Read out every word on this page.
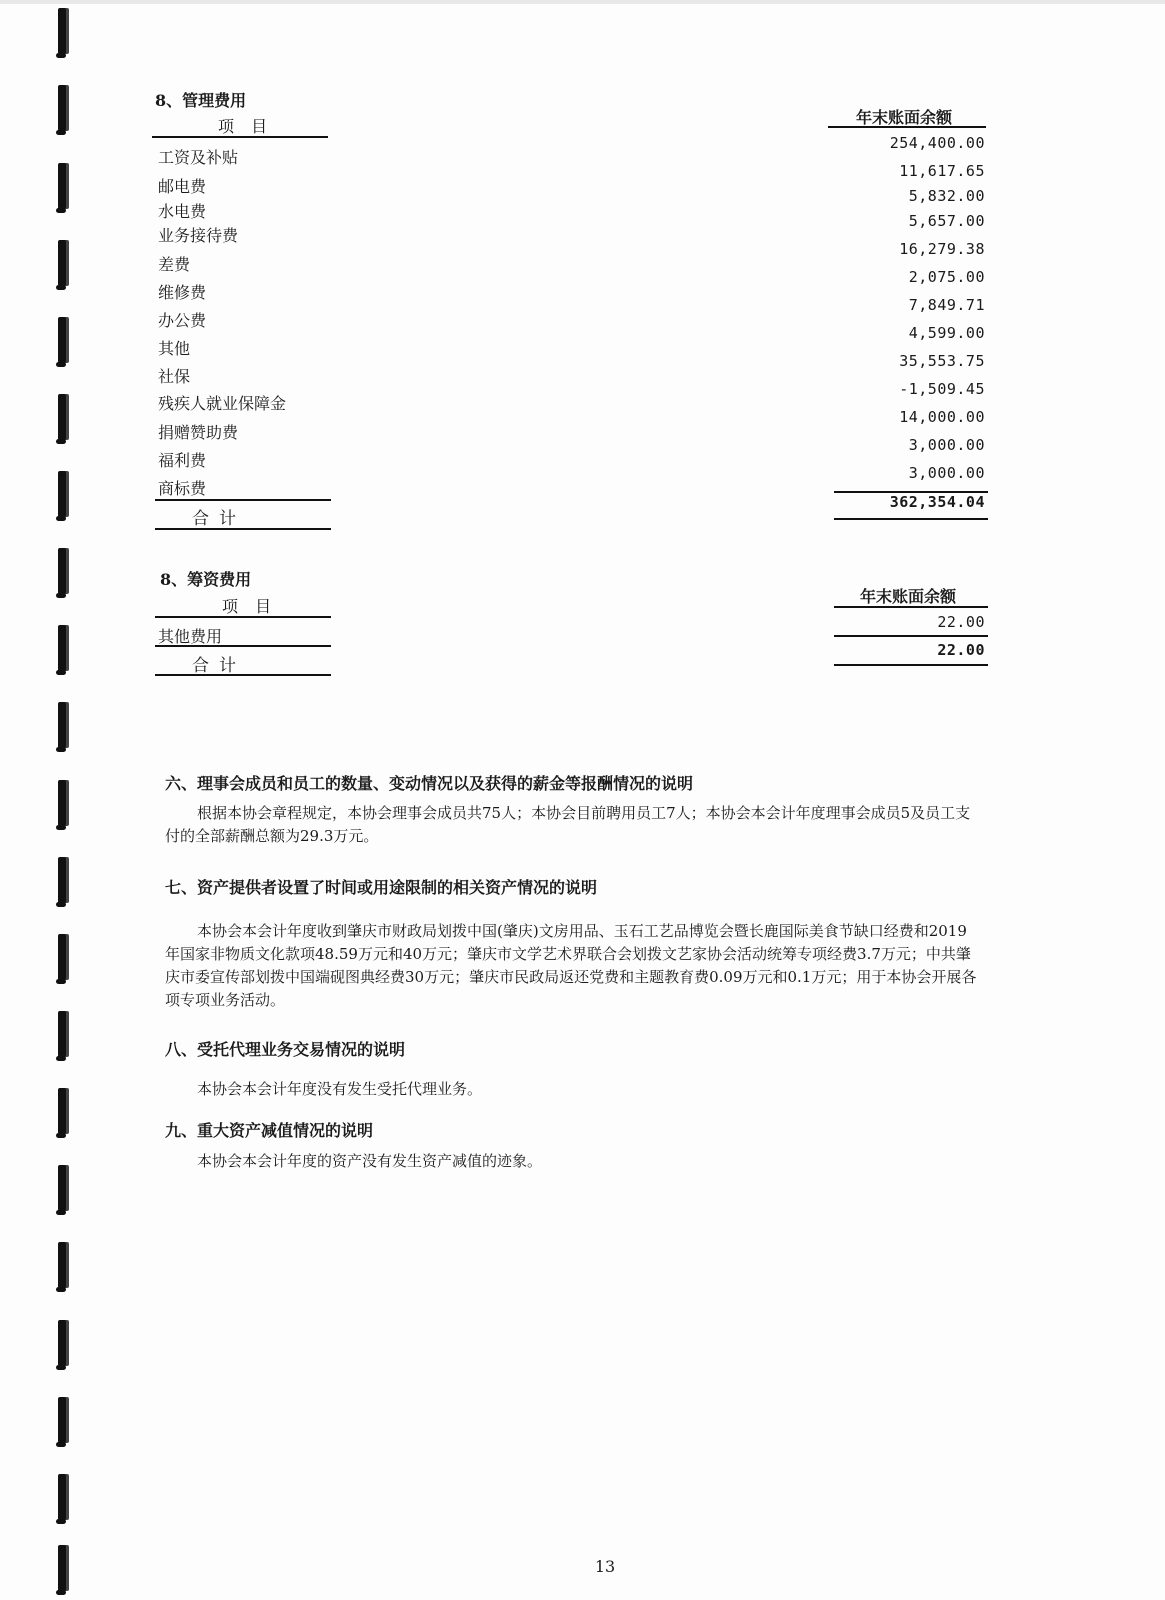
8、管理费用
项 目	年末账面余额
工资及补贴
254,400.00
邮电费
11,617.65
水电费
5,832.00
业务接待费
5,657.00
差费
16,279.38
维修费
2,075.00
办公费
7,849.71
其他
4,599.00
社保
35,553.75
残疾人就业保障金
-1,509.45
捐赠赞助费
14,000.00
福利费
3,000.00
商标费
3,000.00
合计
362,354.04
8、筹资费用
项 目
年末账面余额
其他费用
22.00
合计
22.00
六、理事会成员和员工的数量、变动情况以及获得的薪金等报酬情况的说明

根据本协会章程规定，本协会理事会成员共75人；本协会目前聘用员工7人；本协会本会计年度理事会成员5及员工支付的全部薪酬总额为29.3万元。

七、资产提供者设置了时间或用途限制的相关资产情况的说明

本协会本会计年度收到肇庆市财政局划拨中国(肇庆)文房用品、玉石工艺品博览会暨长鹿国际美食节缺口经费和2019年国家非物质文化款项48.59万元和40万元；肇庆市文学艺术界联合会划拨文艺家协会活动统筹专项经费3.7万元；中共肇庆市委宣传部划拨中国端砚图典经费30万元；肇庆市民政局返还党费和主题教育费0.09万元和0.1万元；用于本协会开展各项专项业务活动。

八、受托代理业务交易情况的说明

本协会本会计年度没有发生受托代理业务。

九、重大资产减值情况的说明

本协会本会计年度的资产没有发生资产减值的迹象。

13
